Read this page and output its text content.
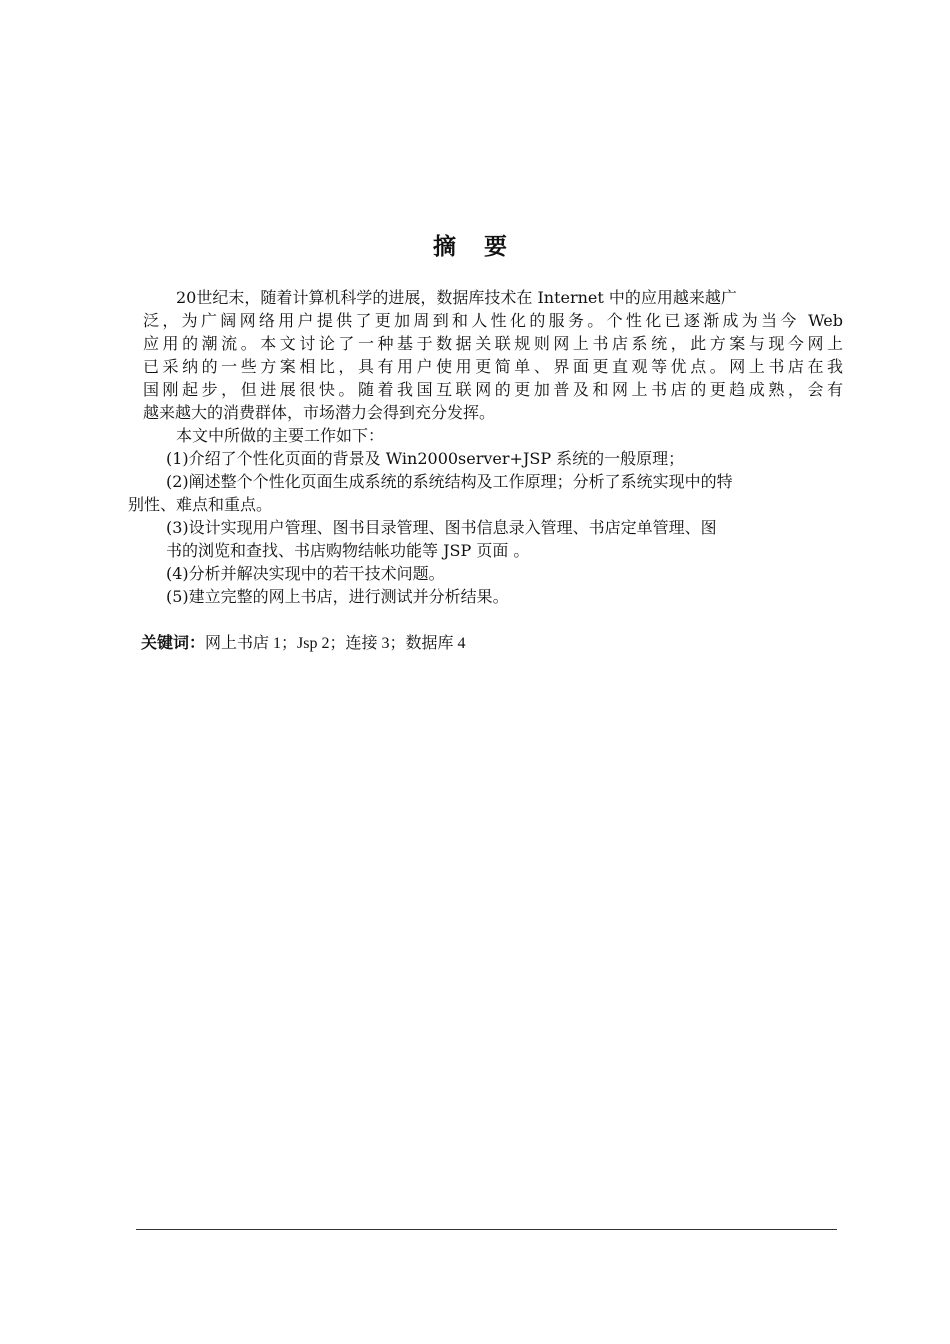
摘 要

20世纪末，随着计算机科学的进展，数据库技术在 Internet 中的应用越来越广

泛，为广阔网络用户提供了更加周到和人性化的服务。个性化已逐渐成为当今 Web

应用的潮流。本文讨论了一种基于数据关联规则网上书店系统，此方案与现今网上

已采纳的一些方案相比，具有用户使用更简单、界面更直观等优点。网上书店在我

国刚起步，但进展很快。随着我国互联网的更加普及和网上书店的更趋成熟，会有

越来越大的消费群体，市场潜力会得到充分发挥。

本文中所做的主要工作如下：

(1)介绍了个性化页面的背景及 Win2000server+JSP 系统的一般原理；

(2)阐述整个个性化页面生成系统的系统结构及工作原理；分析了系统实现中的特

别性、难点和重点。

(3)设计实现用户管理、图书目录管理、图书信息录入管理、书店定单管理、图

书的浏览和查找、书店购物结帐功能等 JSP 页面 。

(4)分析并解决实现中的若干技术问题。

(5)建立完整的网上书店，进行测试并分析结果。

关键词：网上书店 1；Jsp 2；连接 3；数据库 4
